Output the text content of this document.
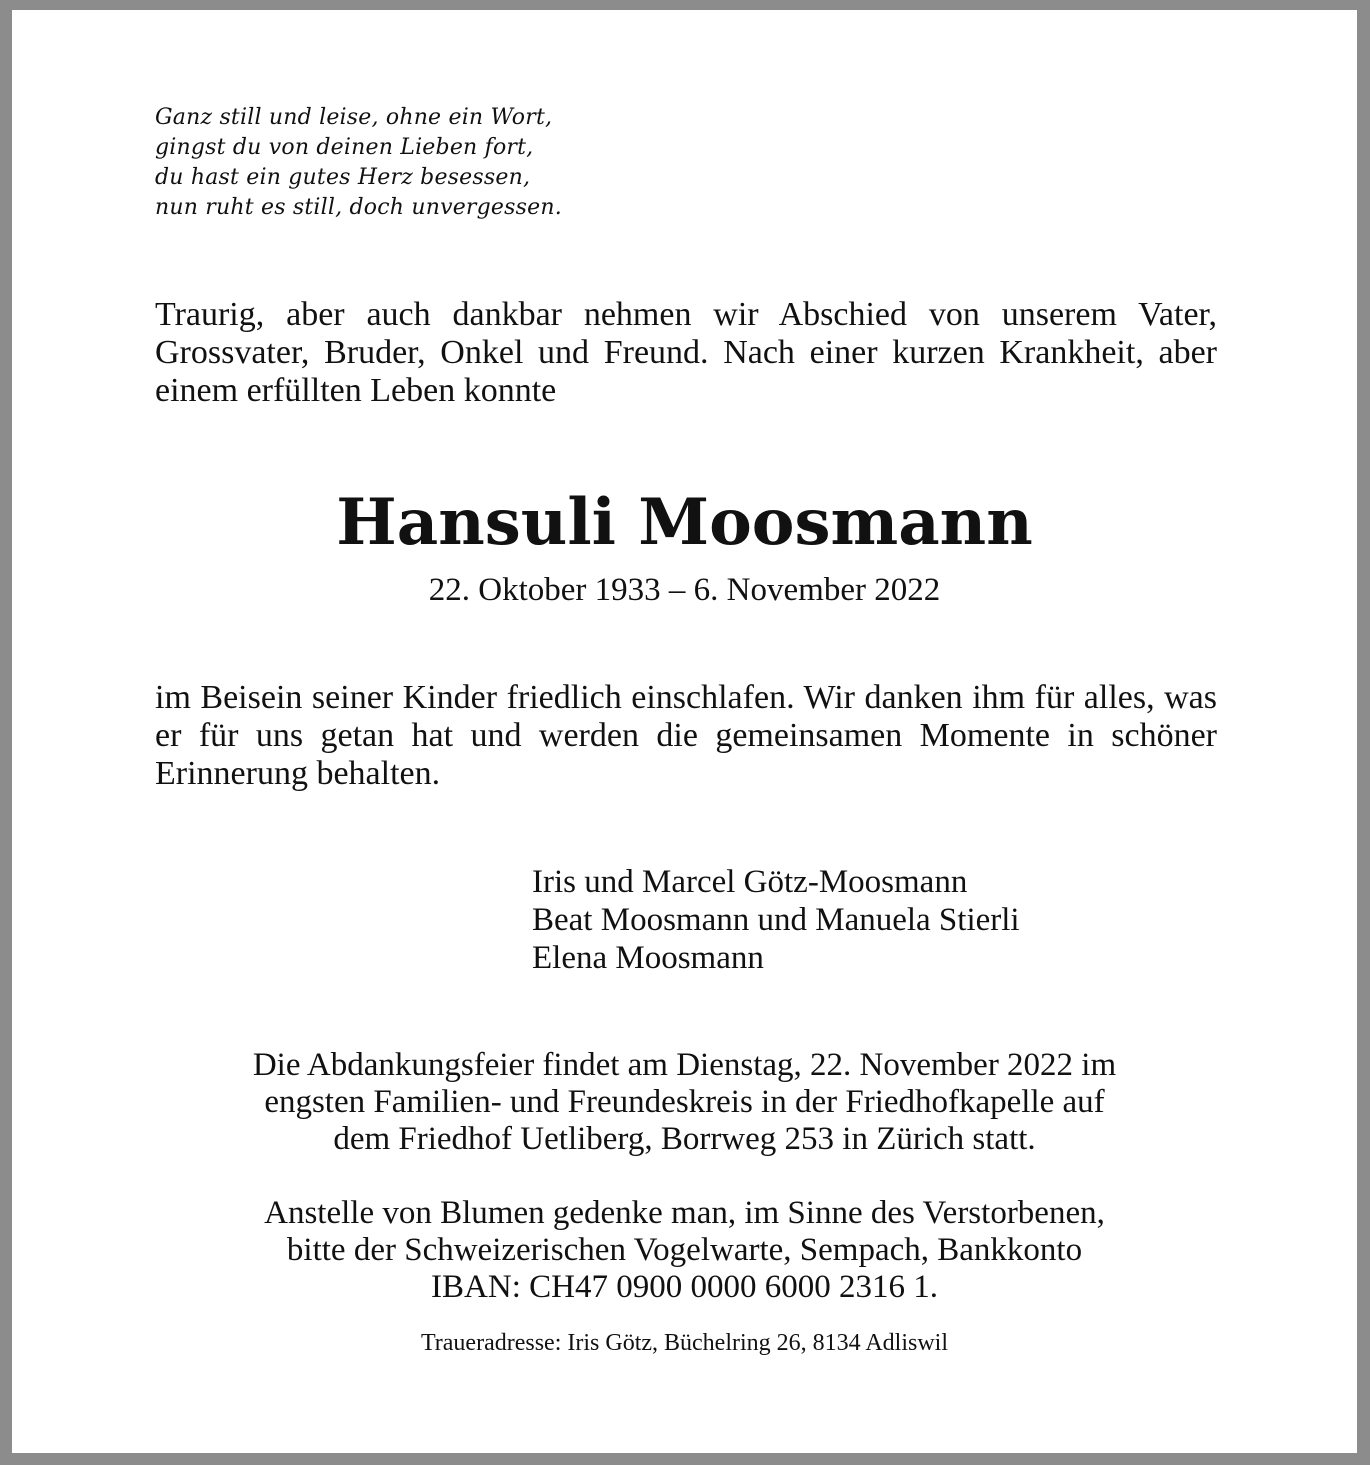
Ganz still und leise, ohne ein Wort,
gingst du von deinen Lieben fort,
du hast ein gutes Herz besessen,
nun ruht es still, doch unvergessen.
Traurig, aber auch dankbar nehmen wir Abschied von unserem Vater, Grossvater, Bruder, Onkel und Freund. Nach einer kurzen Krankheit, aber einem erfüllten Leben konnte
Hansuli Moosmann
22. Oktober 1933 – 6. November 2022
im Beisein seiner Kinder friedlich einschlafen. Wir danken ihm für alles, was er für uns getan hat und werden die gemeinsamen Momente in schöner Erinnerung behalten.
Iris und Marcel Götz-Moosmann
Beat Moosmann und Manuela Stierli
Elena Moosmann
Die Abdankungsfeier findet am Dienstag, 22. November 2022 im
engsten Familien- und Freundeskreis in der Friedhofkapelle auf
dem Friedhof Uetliberg, Borrweg 253 in Zürich statt.
Anstelle von Blumen gedenke man, im Sinne des Verstorbenen,
bitte der Schweizerischen Vogelwarte, Sempach, Bankkonto
IBAN: CH47 0900 0000 6000 2316 1.
Traueradresse: Iris Götz, Büchelring 26, 8134 Adliswil
